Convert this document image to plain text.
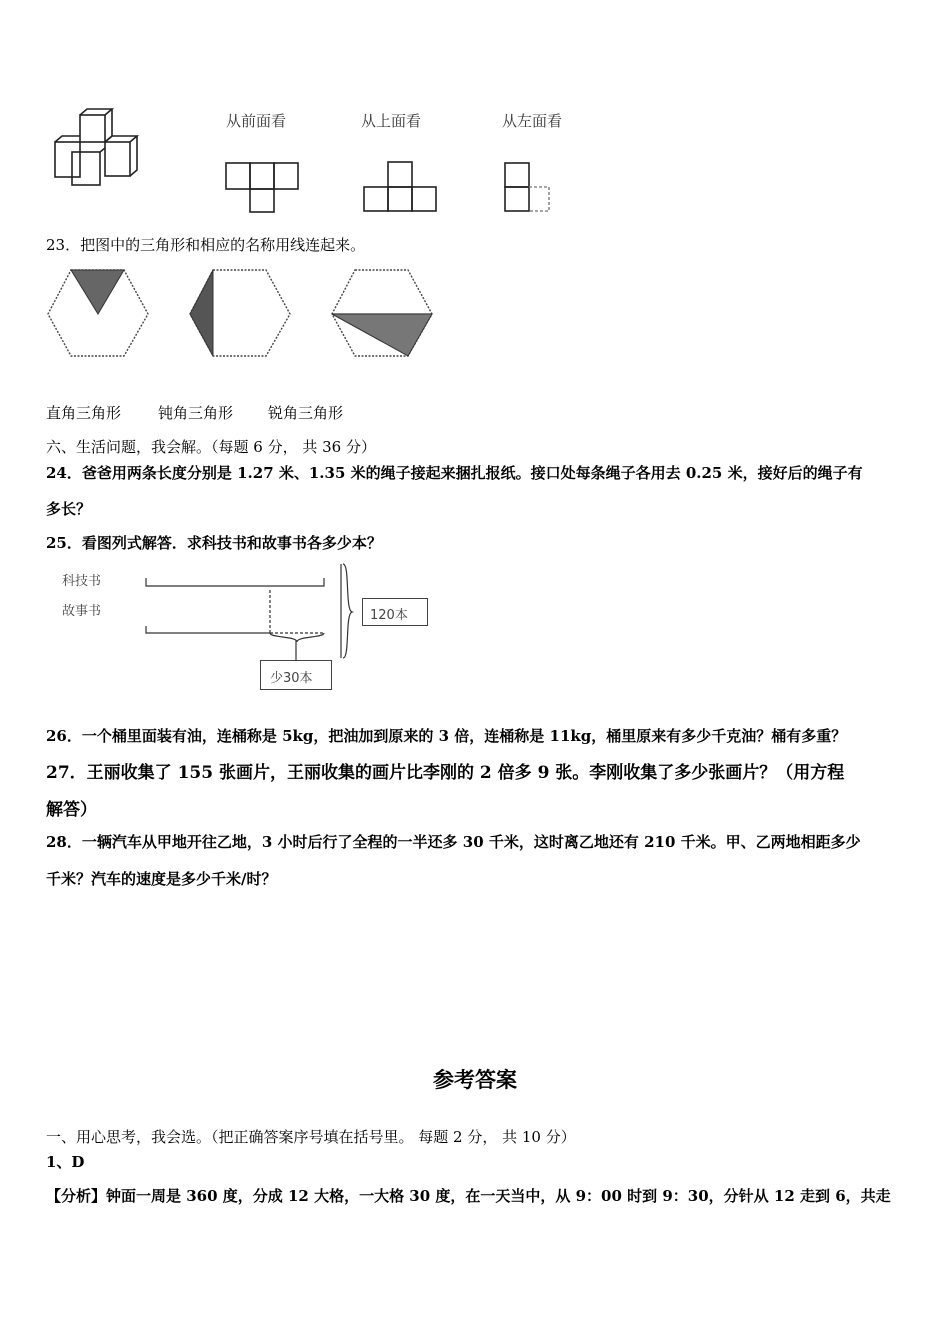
从前面看	从上面看	从左面看
23．把图中的三角形和相应的名称用线连起来。
直角三角形 钝角三角形 锐角三角形
六、生活问题，我会解。（每题 6 分， 共 36 分）
24．爸爸用两条长度分别是 1.27 米、1.35 米的绳子接起来捆扎报纸。接口处每条绳子各用去 0.25 米，接好后的绳子有
多长？
25．看图列式解答．求科技书和故事书各多少本？
科技书
故事书	120本
少30本
26．一个桶里面装有油，连桶称是 5kg，把油加到原来的 3 倍，连桶称是 11kg，桶里原来有多少千克油？桶有多重？
27．王丽收集了 155 张画片，王丽收集的画片比李刚的 2 倍多 9 张。李刚收集了多少张画片？（用方程
解答）
28．一辆汽车从甲地开往乙地，3 小时后行了全程的一半还多 30 千米，这时离乙地还有 210 千米。甲、乙两地相距多少
千米？汽车的速度是多少千米/时？
参考答案
一、用心思考，我会选。（把正确答案序号填在括号里。 每题 2 分， 共 10 分）
1、D
【分析】钟面一周是 360 度，分成 12 大格，一大格 30 度，在一天当中，从 9：00 时到 9：30，分针从 12 走到 6，共走
